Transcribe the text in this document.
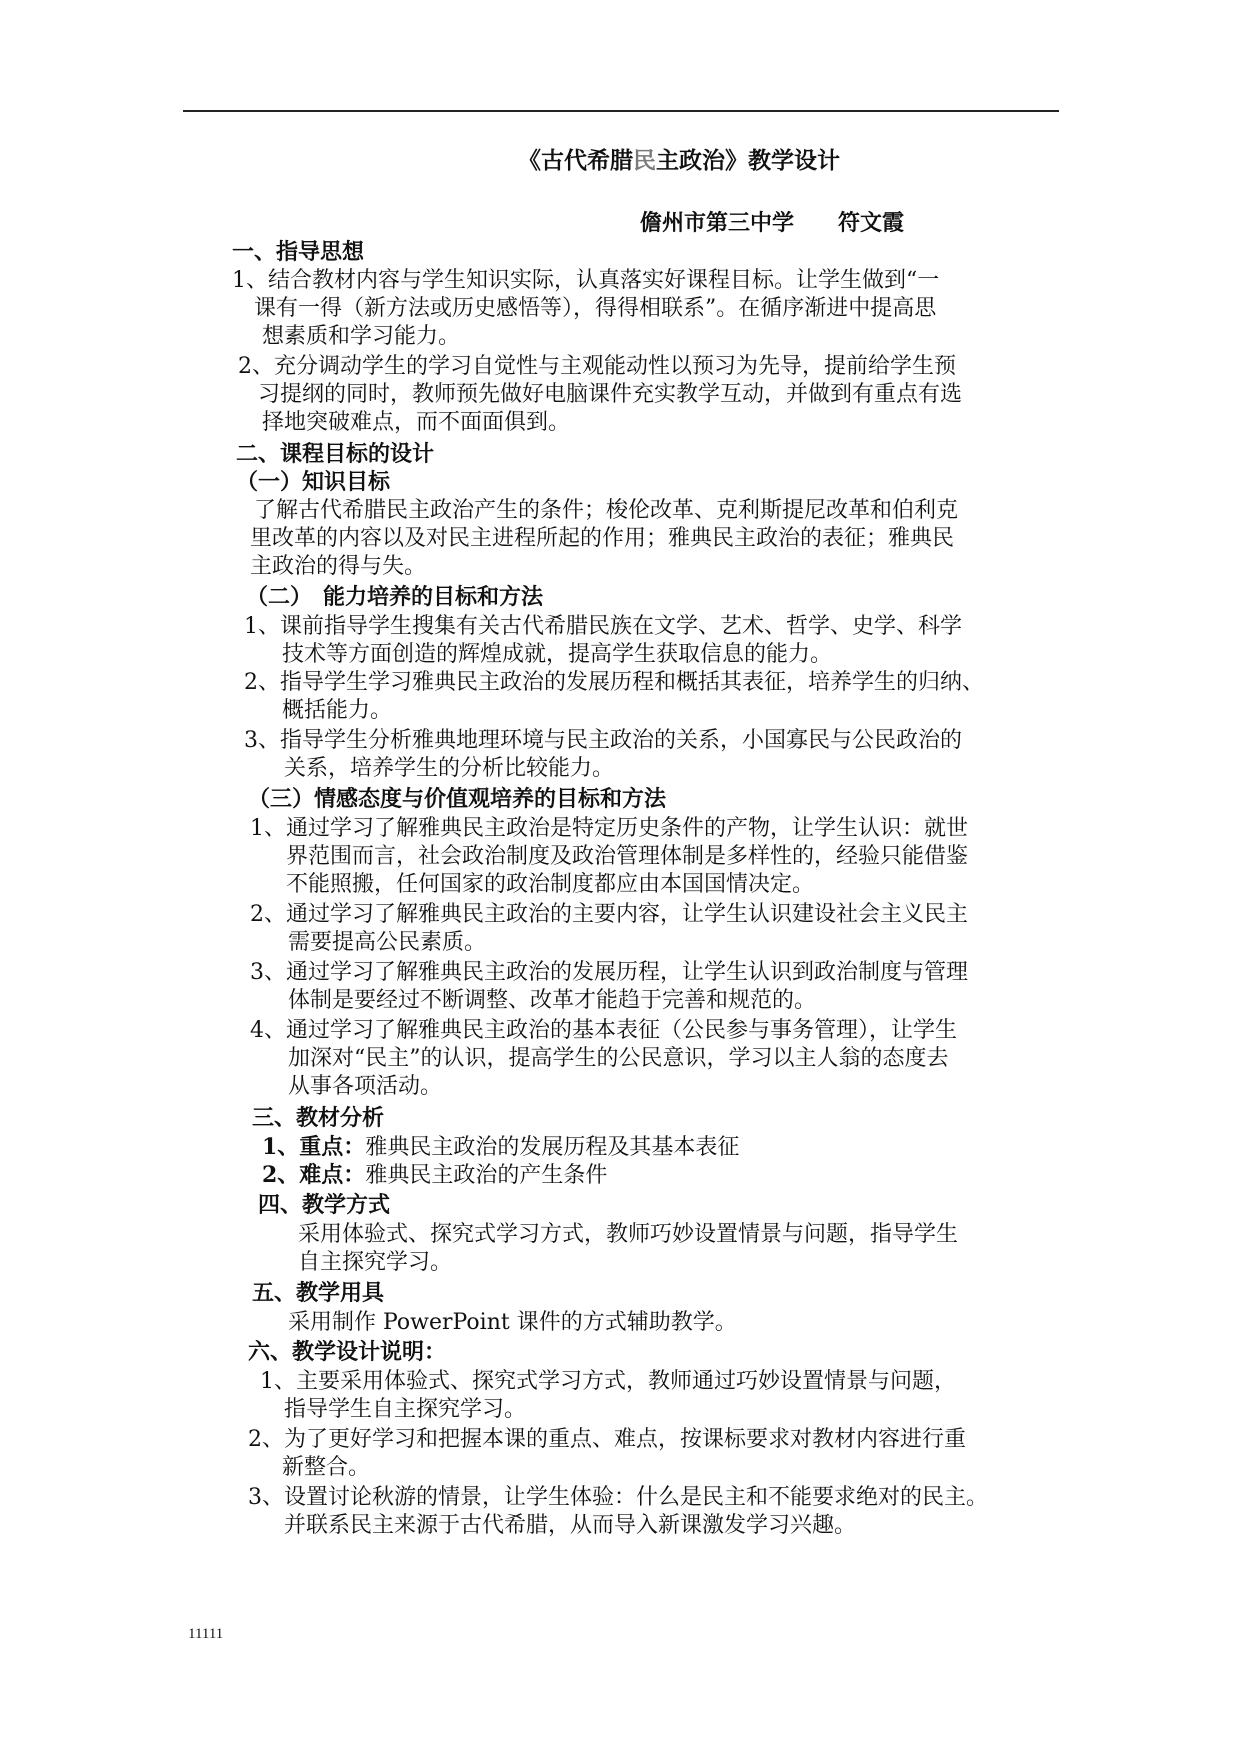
《古代希腊民主政治》教学设计
儋州市第三中学　　符文霞
一、指导思想
1、结合教材内容与学生知识实际，认真落实好课程目标。让学生做到“一
课有一得（新方法或历史感悟等），得得相联系”。在循序渐进中提高思
想素质和学习能力。
2、充分调动学生的学习自觉性与主观能动性以预习为先导，提前给学生预
习提纲的同时，教师预先做好电脑课件充实教学互动，并做到有重点有选
择地突破难点，而不面面俱到。
二、课程目标的设计
（一）知识目标
了解古代希腊民主政治产生的条件；梭伦改革、克利斯提尼改革和伯利克
里改革的内容以及对民主进程所起的作用；雅典民主政治的表征；雅典民
主政治的得与失。
（二）　能力培养的目标和方法
1、课前指导学生搜集有关古代希腊民族在文学、艺术、哲学、史学、科学
技术等方面创造的辉煌成就，提高学生获取信息的能力。
2、指导学生学习雅典民主政治的发展历程和概括其表征，培养学生的归纳、
概括能力。
3、指导学生分析雅典地理环境与民主政治的关系，小国寡民与公民政治的
关系，培养学生的分析比较能力。
（三）情感态度与价值观培养的目标和方法
1、通过学习了解雅典民主政治是特定历史条件的产物，让学生认识：就世
界范围而言，社会政治制度及政治管理体制是多样性的，经验只能借鉴
不能照搬，任何国家的政治制度都应由本国国情决定。
2、通过学习了解雅典民主政治的主要内容，让学生认识建设社会主义民主
需要提高公民素质。
3、通过学习了解雅典民主政治的发展历程，让学生认识到政治制度与管理
体制是要经过不断调整、改革才能趋于完善和规范的。
4、通过学习了解雅典民主政治的基本表征（公民参与事务管理），让学生
加深对“民主”的认识，提高学生的公民意识，学习以主人翁的态度去
从事各项活动。
三、教材分析
1、重点：雅典民主政治的发展历程及其基本表征
2、难点：雅典民主政治的产生条件
四、教学方式
采用体验式、探究式学习方式，教师巧妙设置情景与问题，指导学生
自主探究学习。
五、教学用具
采用制作 PowerPoint 课件的方式辅助教学。
六、教学设计说明：
1、主要采用体验式、探究式学习方式，教师通过巧妙设置情景与问题，
指导学生自主探究学习。
2、为了更好学习和把握本课的重点、难点，按课标要求对教材内容进行重
新整合。
3、设置讨论秋游的情景，让学生体验：什么是民主和不能要求绝对的民主。
并联系民主来源于古代希腊，从而导入新课激发学习兴趣。
11111
